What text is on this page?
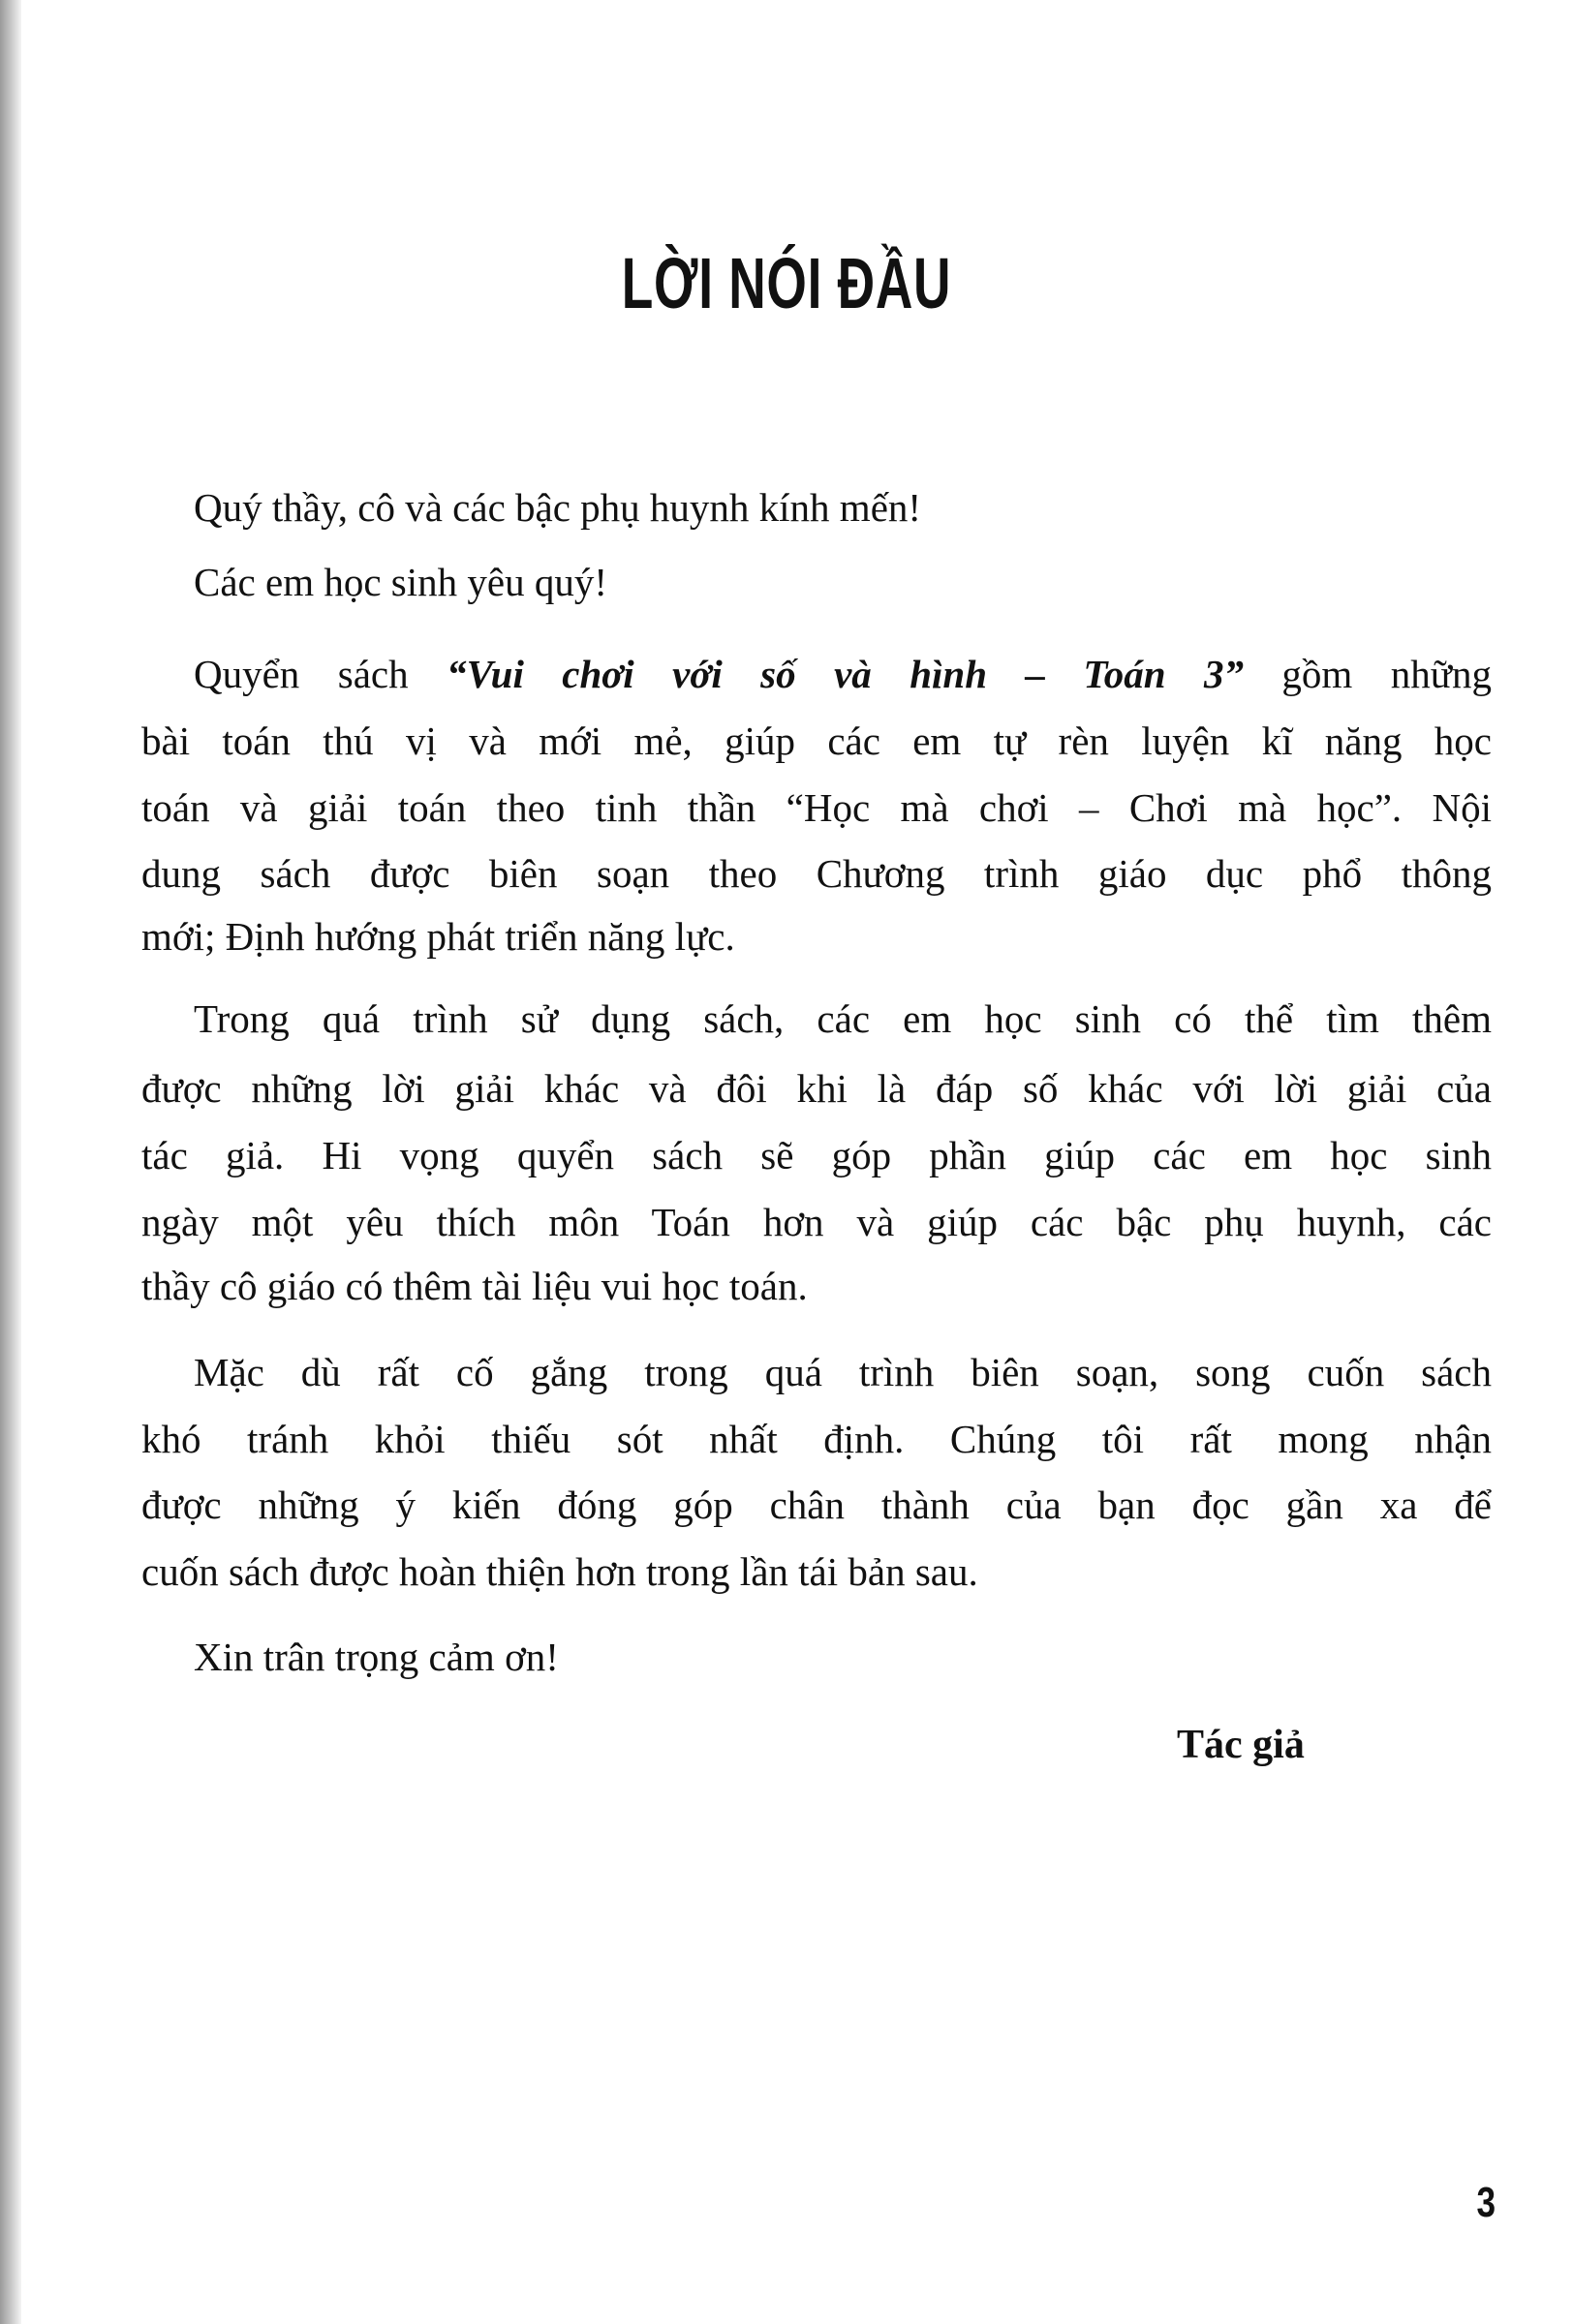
LỜI NÓI ĐẦU
Quý thầy, cô và các bậc phụ huynh kính mến!
Các em học sinh yêu quý!
Quyển sách “Vui chơi với số và hình – Toán 3” gồm những
bài toán thú vị và mới mẻ, giúp các em tự rèn luyện kĩ năng học
toán và giải toán theo tinh thần “Học mà chơi – Chơi mà học”. Nội
dung sách được biên soạn theo Chương trình giáo dục phổ thông
mới; Định hướng phát triển năng lực.
Trong quá trình sử dụng sách, các em học sinh có thể tìm thêm
được những lời giải khác và đôi khi là đáp số khác với lời giải của
tác giả. Hi vọng quyển sách sẽ góp phần giúp các em học sinh
ngày một yêu thích môn Toán hơn và giúp các bậc phụ huynh, các
thầy cô giáo có thêm tài liệu vui học toán.
Mặc dù rất cố gắng trong quá trình biên soạn, song cuốn sách
khó tránh khỏi thiếu sót nhất định. Chúng tôi rất mong nhận
được những ý kiến đóng góp chân thành của bạn đọc gần xa để
cuốn sách được hoàn thiện hơn trong lần tái bản sau.
Xin trân trọng cảm ơn!
Tác giả
3
